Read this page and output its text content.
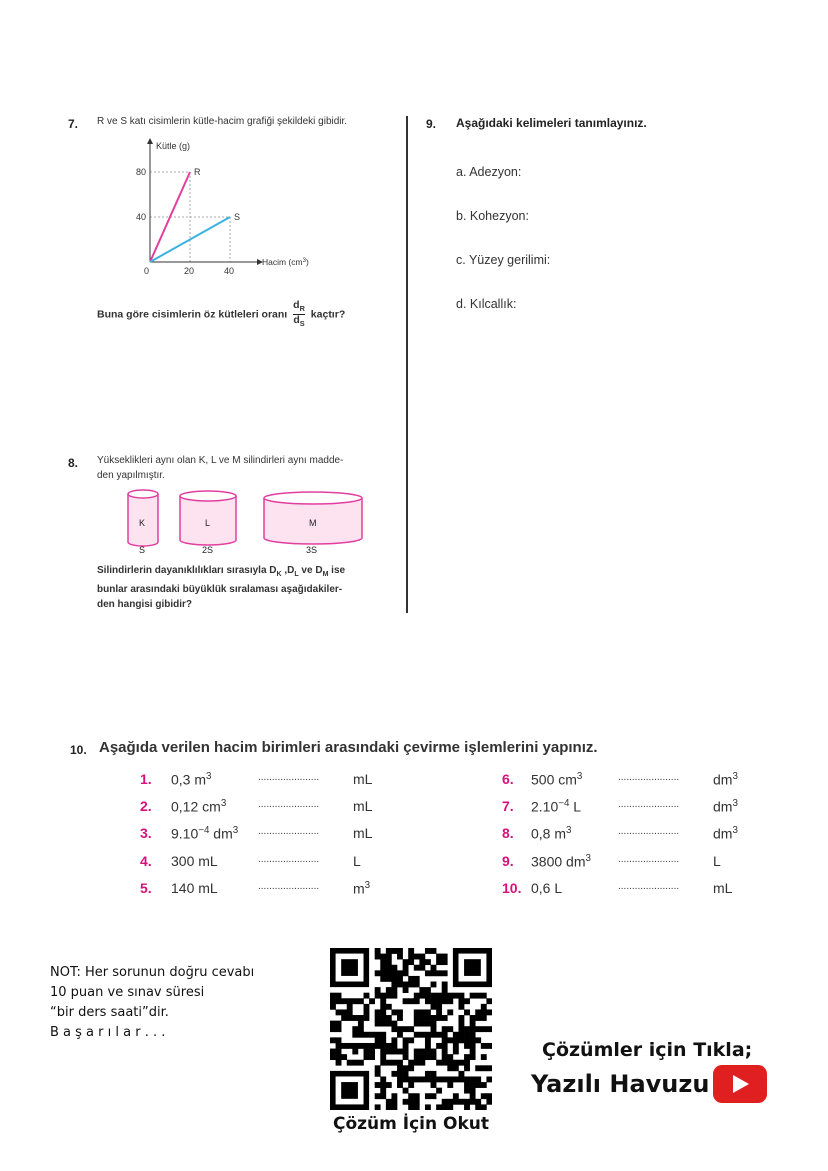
7. R ve S katı cisimlerin kütle-hacim grafiği şekildeki gibidir.
R
S
0	20	40
80
40
Kütle (g)
Hacim $(cm^3)$
Buna göre cisimlerin öz kütleleri oranı $\frac{d_R}{d_S}$ kaçtır?
8. Yükseklikleri aynı olan K, L ve M silindirleri aynı madde-
den yapılmıştır.
K	L	M
S	2S	3S
Silindirlerin dayanıklılıkları sırasıyla $D_K$ $,D_L$ ve $D_M$ ise
bunlar arasındaki büyüklük sıralaması aşağıdakiler-
den hangisi gibidir?
9. Aşağıdaki kelimeleri tanımlayınız.
a. Adezyon:
b. Kohezyon:
c. Yüzey gerilimi:
d. Kılcallık:
10. Aşağıda verilen hacim birimleri arasındaki çevirme işlemlerini yapınız.
1. 0,3 $m^3$	...................... mL
2. 0,12 $cm^3$	...................... mL
3. $9.10^{-4}$ $dm^3$ ...................... mL
4. 300 mL	...................... L
5. 140 mL	...................... $m^3$
6. 500 $cm^3$	...................... $dm^3$
7. $2.10^{-4}$ L	...................... $dm^3$
8. 0,8 $m^3$	...................... $dm^3$
9. 3800 $dm^3$	...................... L
10. 0,6 L	...................... mL
NOT: Her sorunun doğru cevabı
10 puan ve sınav süresi
“bir ders saati”dir.
B a ş a r ı l a r . . .
Çözüm İçin Okut
Çözümler için Tıkla;
Yazılı Havuzu
